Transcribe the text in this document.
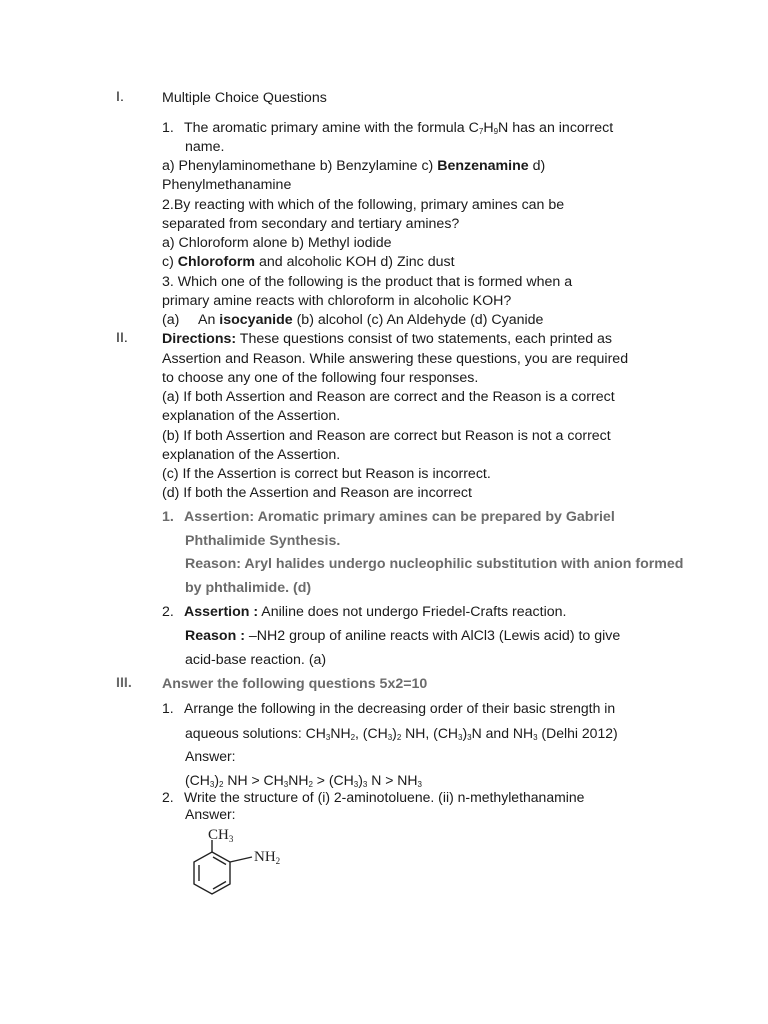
I.	Multiple Choice Questions
1. The aromatic primary amine with the formula $C_7H_9N$ has an incorrect
name.
a) Phenylaminomethane b) Benzylamine c) Benzenamine d)
Phenylmethanamine
2.By reacting with which of the following, primary amines can be
separated from secondary and tertiary amines?
a) Chloroform alone b) Methyl iodide
c) Chloroform and alcoholic KOH d) Zinc dust
3. Which one of the following is the product that is formed when a
primary amine reacts with chloroform in alcoholic KOH?
(a) An isocyanide (b) alcohol (c) An Aldehyde (d) Cyanide
II. Directions: These questions consist of two statements, each printed as
Assertion and Reason. While answering these questions, you are required
to choose any one of the following four responses.
(a) If both Assertion and Reason are correct and the Reason is a correct
explanation of the Assertion.
(b) If both Assertion and Reason are correct but Reason is not a correct
explanation of the Assertion.
(c) If the Assertion is correct but Reason is incorrect.
(d) If both the Assertion and Reason are incorrect
1. Assertion: Aromatic primary amines can be prepared by Gabriel
Phthalimide Synthesis.
Reason: Aryl halides undergo nucleophilic substitution with anion formed
by phthalimide. (d)
2. Assertion : Aniline does not undergo Friedel-Crafts reaction.
Reason : –NH2 group of aniline reacts with AlCl3 (Lewis acid) to give
acid-base reaction. (a)
III. Answer the following questions 5x2=10
1. Arrange the following in the decreasing order of their basic strength in
aqueous solutions: $CH_3NH_2$, $(CH_3)_2$ NH, $(CH_3)_3N$ and $NH_3$ (Delhi 2012)
Answer:
$(CH_3)_2$ NH > $CH_3NH_2 > (CH_3)_3$ $N > NH_3$
2. Write the structure of (i) 2-aminotoluene. (ii) n-methylethanamine
Answer:
$CH_3$
$NH_2$
